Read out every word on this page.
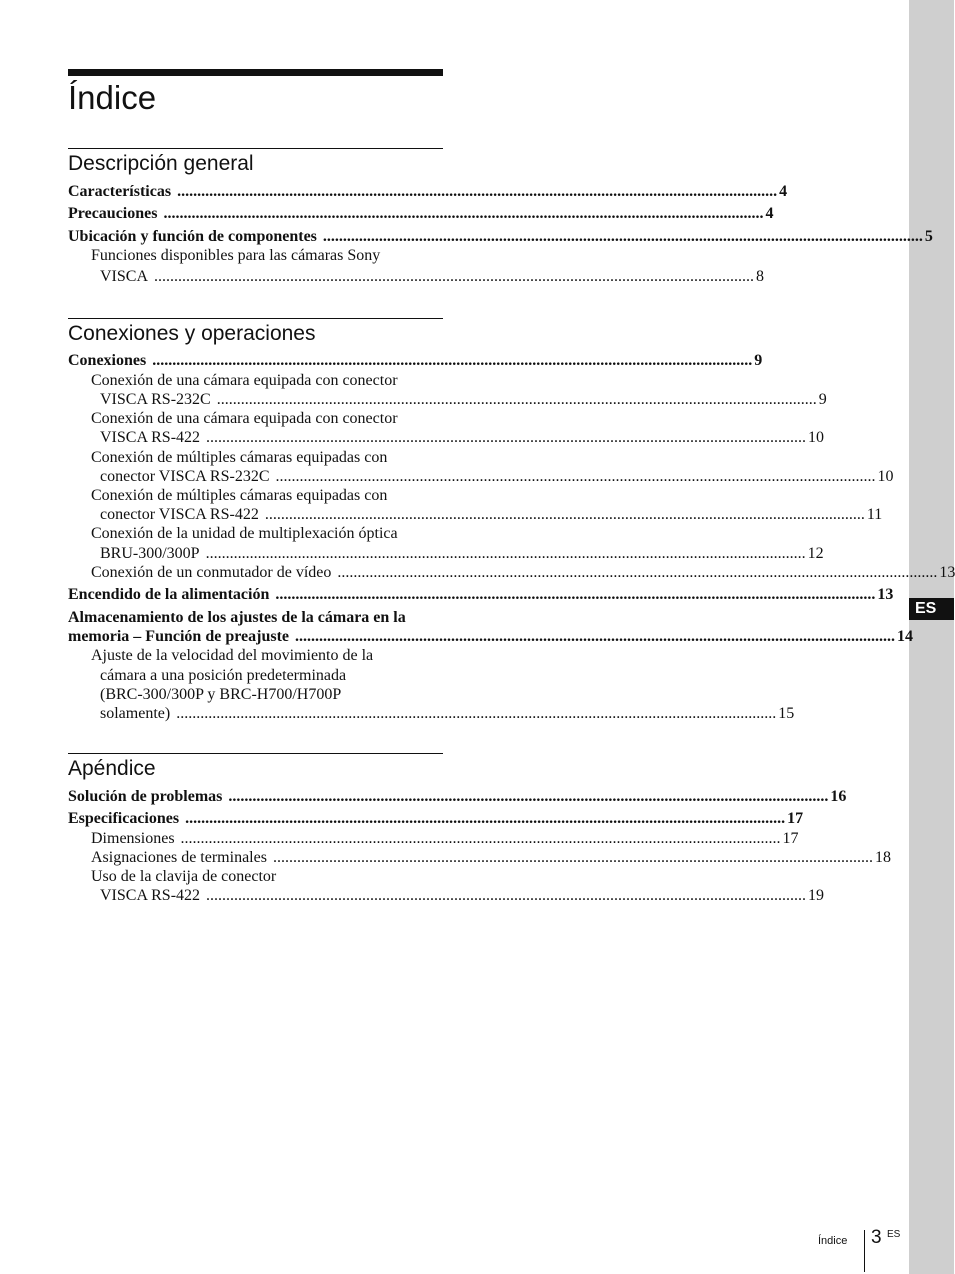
ES
Índice
Descripción general
Características ...................................................................................................................................................... 4
Precauciones ...................................................................................................................................................... 4
Ubicación y función de componentes ...................................................................................................................................................... 5
Funciones disponibles para las cámaras Sony
VISCA ...................................................................................................................................................... 8
Conexiones y operaciones
Conexiones ...................................................................................................................................................... 9
Conexión de una cámara equipada con conector
VISCA RS-232C ...................................................................................................................................................... 9
Conexión de una cámara equipada con conector
VISCA RS-422 ...................................................................................................................................................... 10
Conexión de múltiples cámaras equipadas con
conector VISCA RS-232C ...................................................................................................................................................... 10
Conexión de múltiples cámaras equipadas con
conector VISCA RS-422 ...................................................................................................................................................... 11
Conexión de la unidad de multiplexación óptica
BRU-300/300P ...................................................................................................................................................... 12
Conexión de un conmutador de vídeo ...................................................................................................................................................... 13
Encendido de la alimentación ...................................................................................................................................................... 13
Almacenamiento de los ajustes de la cámara en la
memoria – Función de preajuste ...................................................................................................................................................... 14
Ajuste de la velocidad del movimiento de la
cámara a una posición predeterminada
(BRC-300/300P y BRC-H700/H700P
solamente) ...................................................................................................................................................... 15
Apéndice
Solución de problemas ...................................................................................................................................................... 16
Especificaciones ...................................................................................................................................................... 17
Dimensiones ...................................................................................................................................................... 17
Asignaciones de terminales ...................................................................................................................................................... 18
Uso de la clavija de conector
VISCA RS-422 ...................................................................................................................................................... 19
Índice 3 ES
